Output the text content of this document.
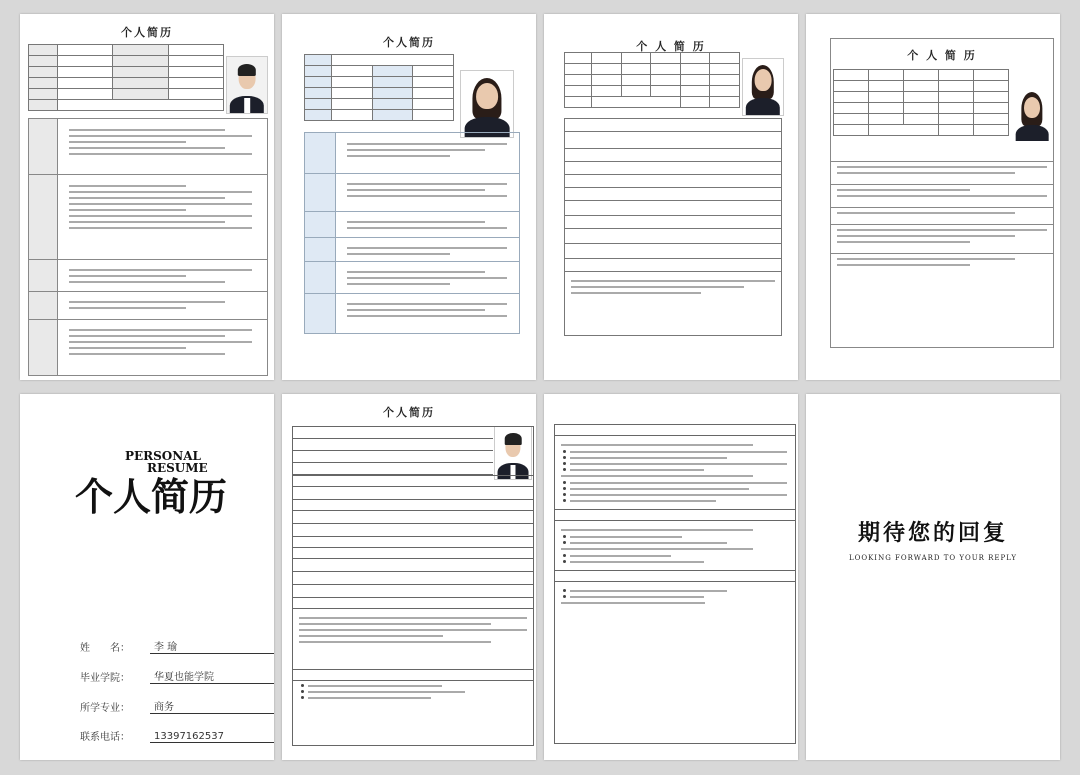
个人简历

个人简历

				个 人 简 历

个 人 简 历

PERSONAL
RESUME
个人简历
姓　　名：	李 瑜
毕业学院：	华夏也能学院
所学专业：	商务
联系电话：	13397162537
个人简历
期待您的回复
LOOKING FORWARD TO YOUR REPLY
